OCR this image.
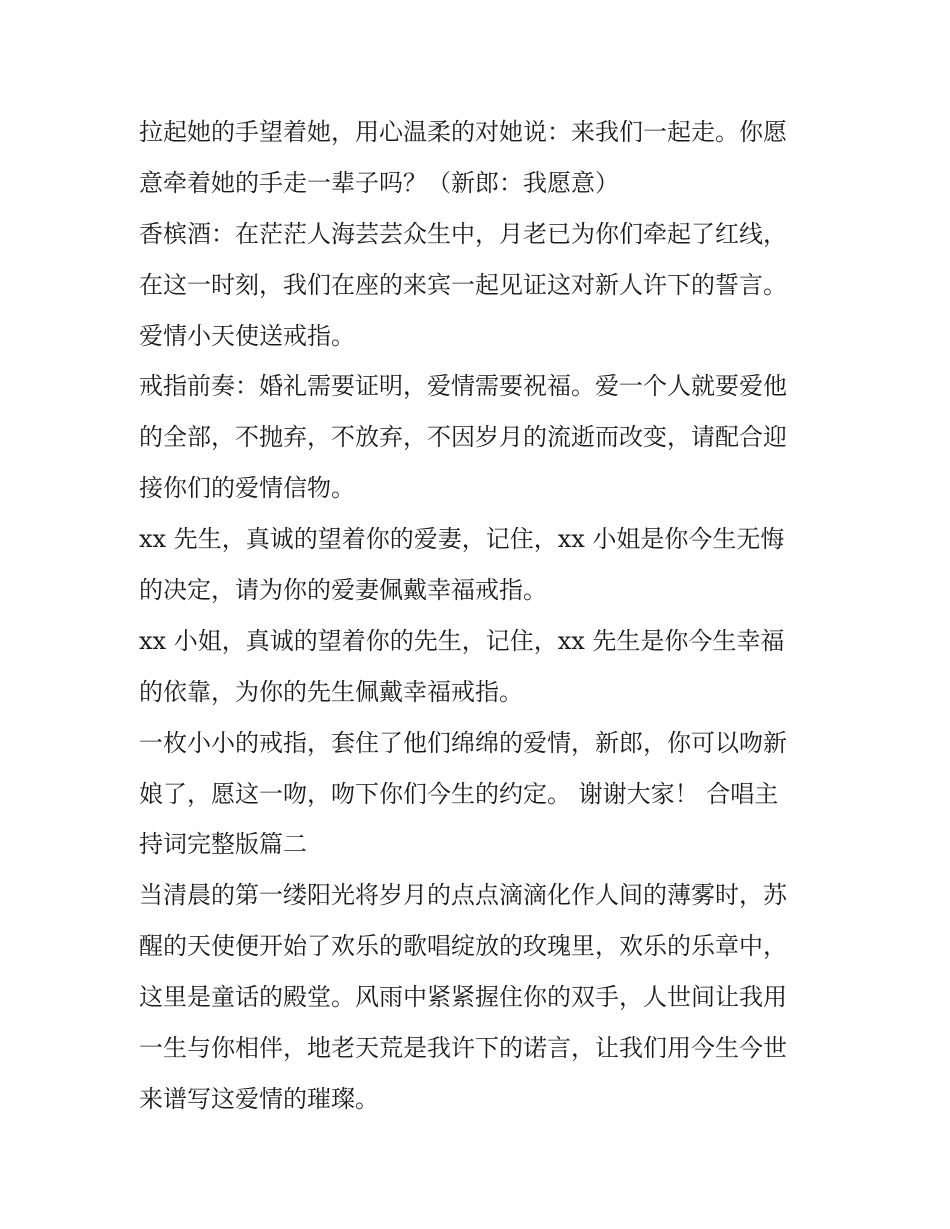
拉起她的手望着她，用心温柔的对她说：来我们一起走。你愿

意牵着她的手走一辈子吗？（新郎：我愿意）

香槟酒：在茫茫人海芸芸众生中，月老已为你们牵起了红线，

在这一时刻，我们在座的来宾一起见证这对新人许下的誓言。

爱情小天使送戒指。

戒指前奏：婚礼需要证明，爱情需要祝福。爱一个人就要爱他

的全部，不抛弃，不放弃，不因岁月的流逝而改变，请配合迎

接你们的爱情信物。

xx 先生，真诚的望着你的爱妻，记住，xx 小姐是你今生无悔

的决定，请为你的爱妻佩戴幸福戒指。

xx 小姐，真诚的望着你的先生，记住，xx 先生是你今生幸福

的依靠，为你的先生佩戴幸福戒指。

一枚小小的戒指，套住了他们绵绵的爱情，新郎，你可以吻新

娘了，愿这一吻，吻下你们今生的约定。 谢谢大家！ 合唱主

持词完整版篇二

当清晨的第一缕阳光将岁月的点点滴滴化作人间的薄雾时，苏

醒的天使便开始了欢乐的歌唱绽放的玫瑰里，欢乐的乐章中，

这里是童话的殿堂。风雨中紧紧握住你的双手，人世间让我用

一生与你相伴，地老天荒是我许下的诺言，让我们用今生今世

来谱写这爱情的璀璨。
